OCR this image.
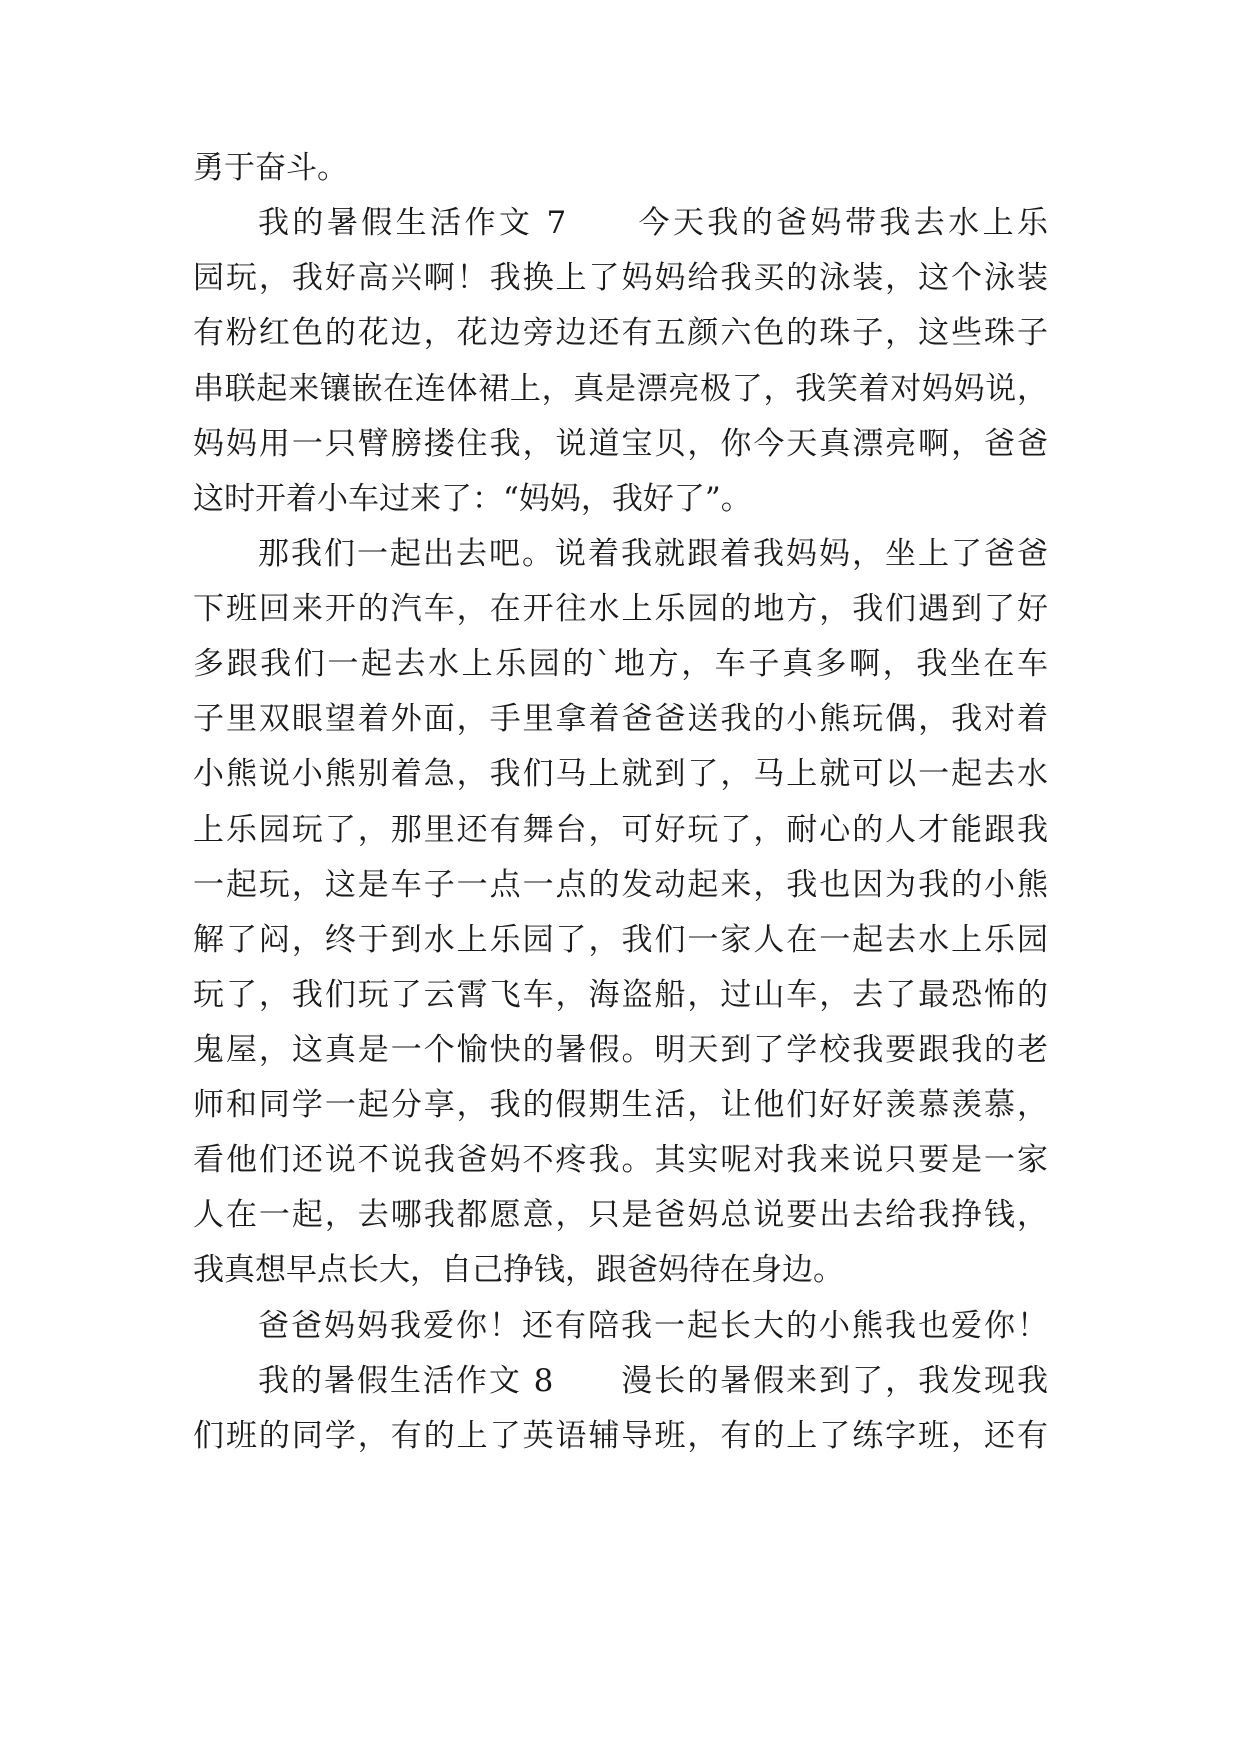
勇于奋斗。
我的暑假生活作文 7　　今天我的爸妈带我去水上乐
园玩，我好高兴啊！我换上了妈妈给我买的泳装，这个泳装
有粉红色的花边，花边旁边还有五颜六色的珠子，这些珠子
串联起来镶嵌在连体裙上，真是漂亮极了，我笑着对妈妈说，
妈妈用一只臂膀搂住我，说道宝贝，你今天真漂亮啊，爸爸
这时开着小车过来了：“妈妈，我好了”。
那我们一起出去吧。说着我就跟着我妈妈，坐上了爸爸
下班回来开的汽车，在开往水上乐园的地方，我们遇到了好
多跟我们一起去水上乐园的`地方，车子真多啊，我坐在车
子里双眼望着外面，手里拿着爸爸送我的小熊玩偶，我对着
小熊说小熊别着急，我们马上就到了，马上就可以一起去水
上乐园玩了，那里还有舞台，可好玩了，耐心的人才能跟我
一起玩，这是车子一点一点的发动起来，我也因为我的小熊
解了闷，终于到水上乐园了，我们一家人在一起去水上乐园
玩了，我们玩了云霄飞车，海盗船，过山车，去了最恐怖的
鬼屋，这真是一个愉快的暑假。明天到了学校我要跟我的老
师和同学一起分享，我的假期生活，让他们好好羡慕羡慕，
看他们还说不说我爸妈不疼我。其实呢对我来说只要是一家
人在一起，去哪我都愿意，只是爸妈总说要出去给我挣钱，
我真想早点长大，自己挣钱，跟爸妈待在身边。
爸爸妈妈我爱你！还有陪我一起长大的小熊我也爱你！
我的暑假生活作文 8　　漫长的暑假来到了，我发现我
们班的同学，有的上了英语辅导班，有的上了练字班，还有
